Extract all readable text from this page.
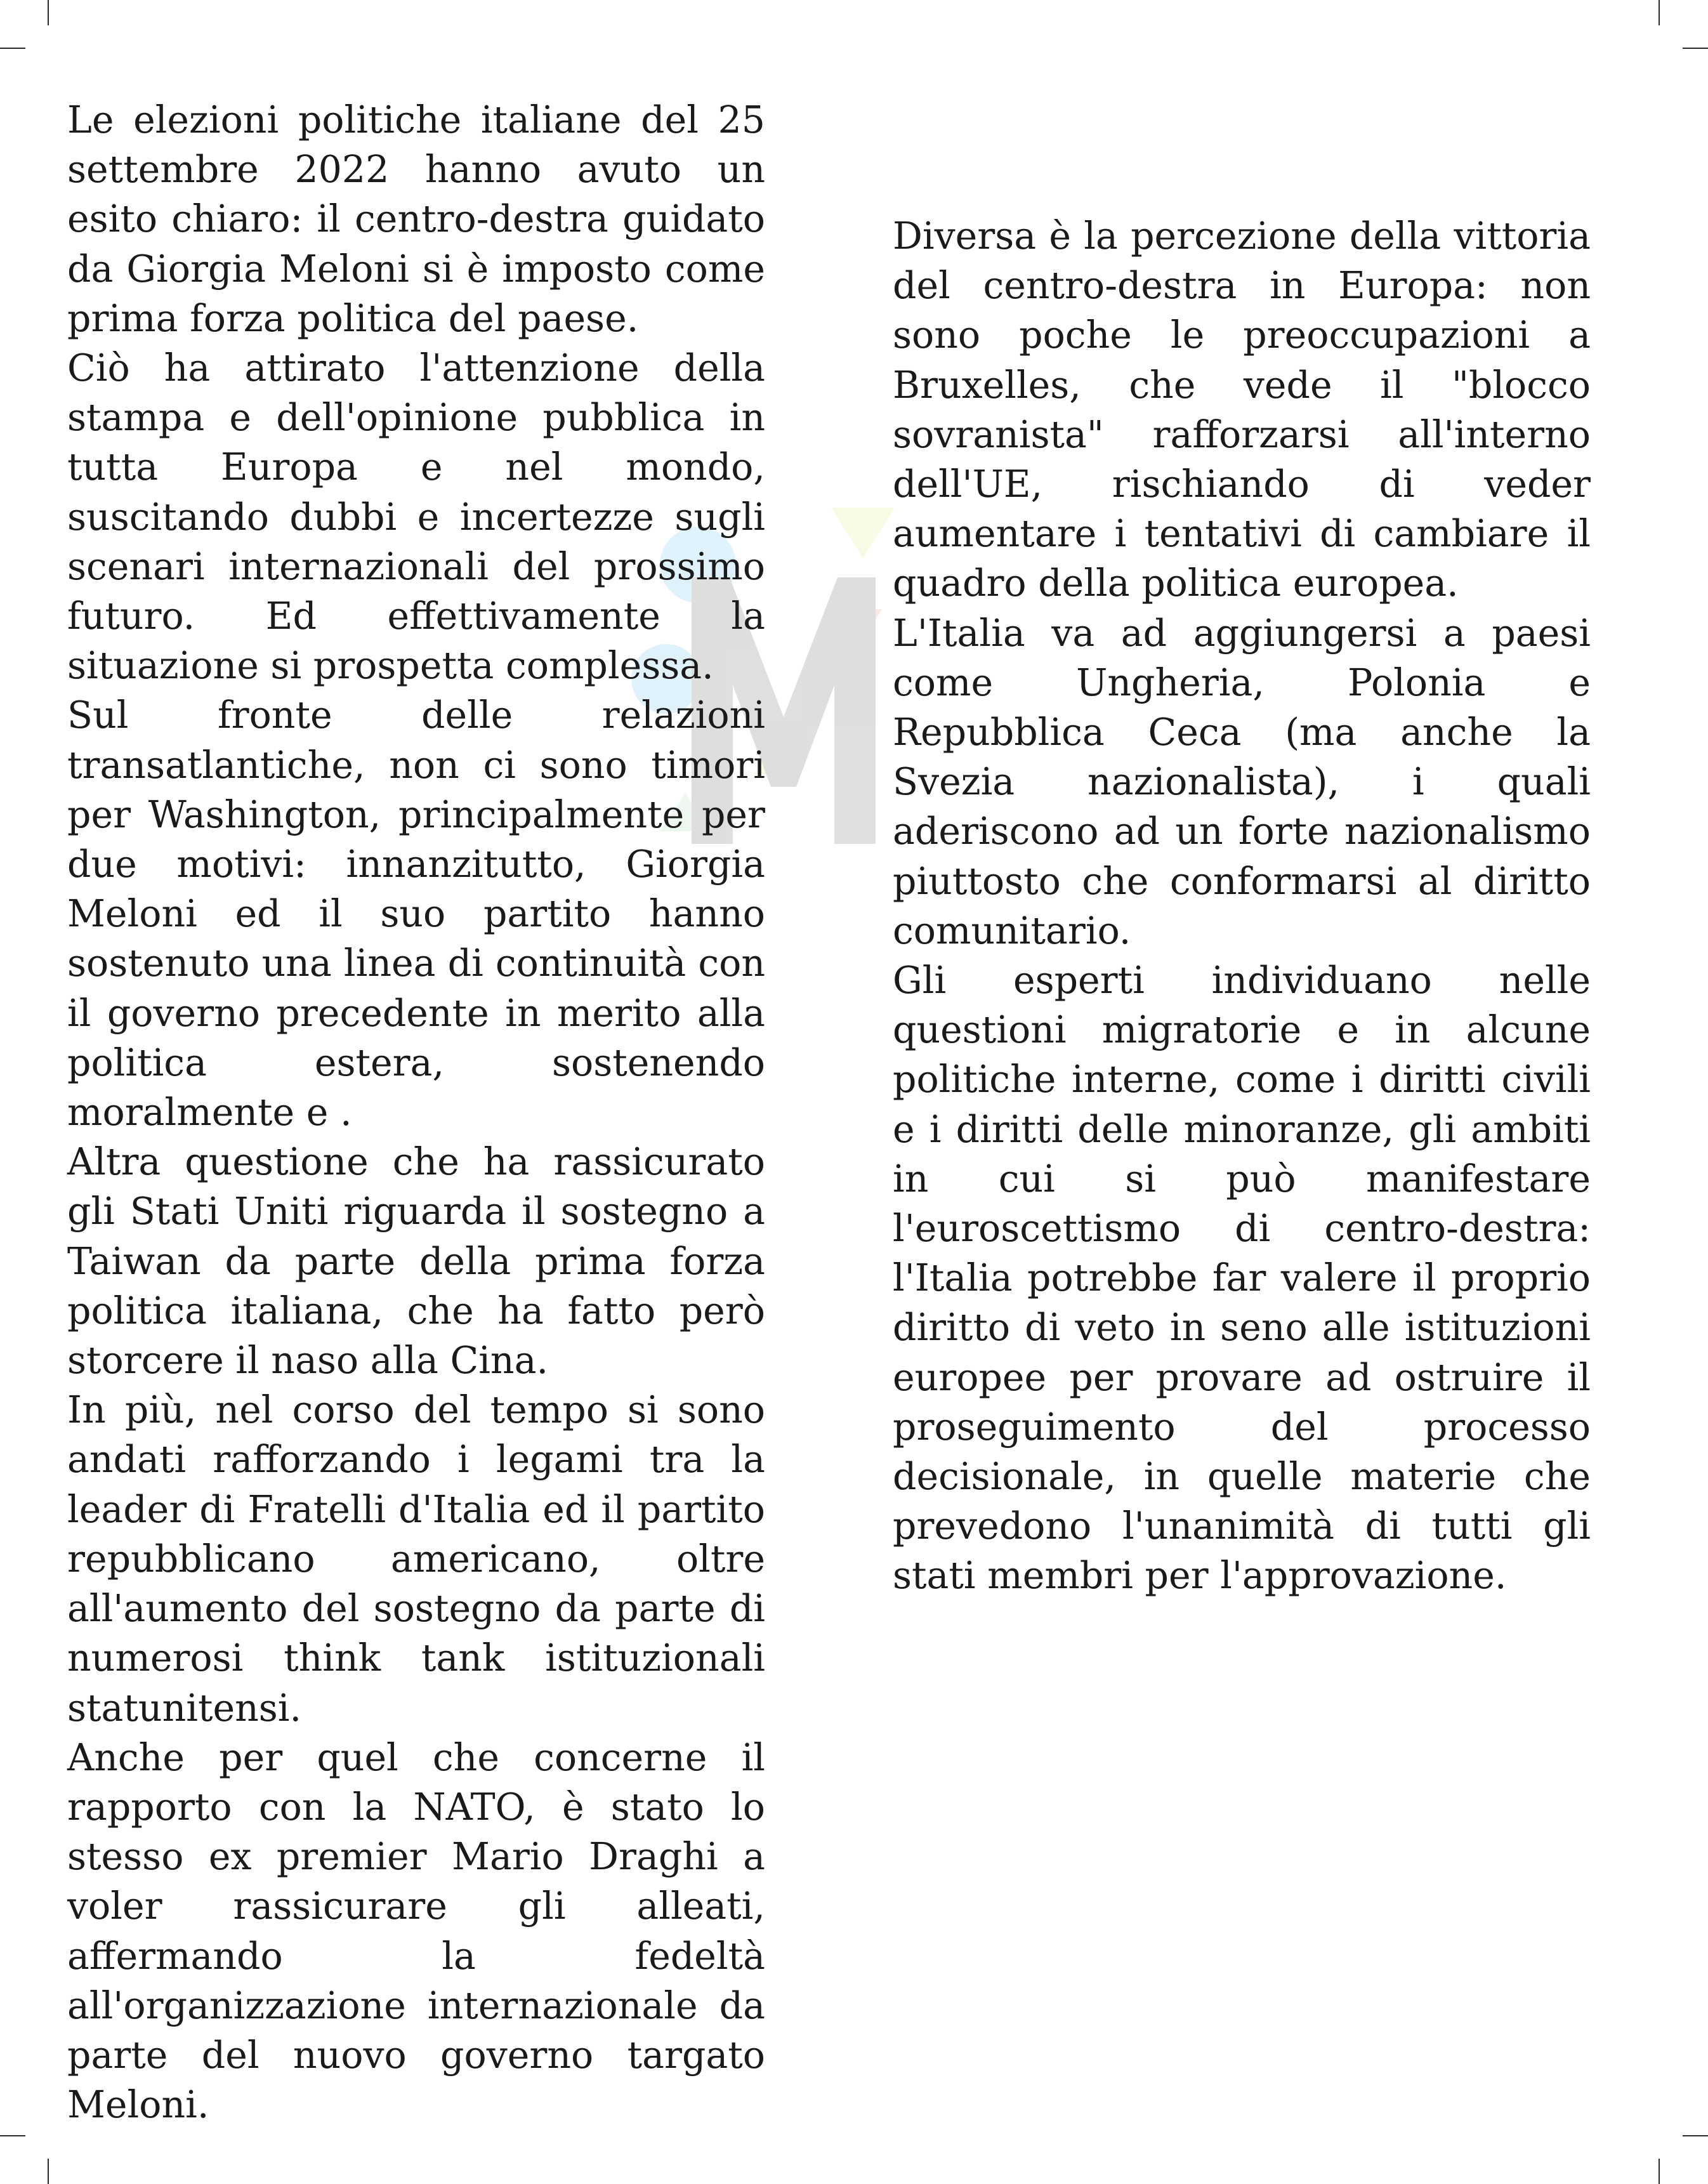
Le elezioni politiche italiane del 25 settembre 2022 hanno avuto un esito chiaro: il centro-destra guidato da Giorgia Meloni si è imposto come prima forza politica del paese.

Ciò ha attirato l'attenzione della stampa e dell'opinione pubblica in tutta Europa e nel mondo, suscitando dubbi e incertezze sugli scenari internazionali del prossimo futuro. Ed effettivamente la situazione si prospetta complessa.

Sul fronte delle relazioni transatlantiche, non ci sono timori per Washington, principalmente per due motivi: innanzitutto, Giorgia Meloni ed il suo partito hanno sostenuto una linea di continuità con il governo precedente in merito alla politica estera, sostenendo moralmente e .

Altra questione che ha rassicurato gli Stati Uniti riguarda il sostegno a Taiwan da parte della prima forza politica italiana, che ha fatto però storcere il naso alla Cina.

In più, nel corso del tempo si sono andati rafforzando i legami tra la leader di Fratelli d'Italia ed il partito repubblicano americano, oltre all'aumento del sostegno da parte di numerosi think tank istituzionali statunitensi.

Anche per quel che concerne il rapporto con la NATO, è stato lo stesso ex premier Mario Draghi a voler rassicurare gli alleati, affermando la fedeltà all'organizzazione internazionale da parte del nuovo governo targato Meloni.

Diversa è la percezione della vittoria del centro-destra in Europa: non sono poche le preoccupazioni a Bruxelles, che vede il "blocco sovranista" rafforzarsi all'interno dell'UE, rischiando di veder aumentare i tentativi di cambiare il quadro della politica europea.

L'Italia va ad aggiungersi a paesi come Ungheria, Polonia e Repubblica Ceca (ma anche la Svezia nazionalista), i quali aderiscono ad un forte nazionalismo piuttosto che conformarsi al diritto comunitario.

Gli esperti individuano nelle questioni migratorie e in alcune politiche interne, come i diritti civili e i diritti delle minoranze, gli ambiti in cui si può manifestare l'euroscettismo di centro-destra: l'Italia potrebbe far valere il proprio diritto di veto in seno alle istituzioni europee per provare ad ostruire il proseguimento del processo decisionale, in quelle materie che prevedono l'unanimità di tutti gli stati membri per l'approvazione.
